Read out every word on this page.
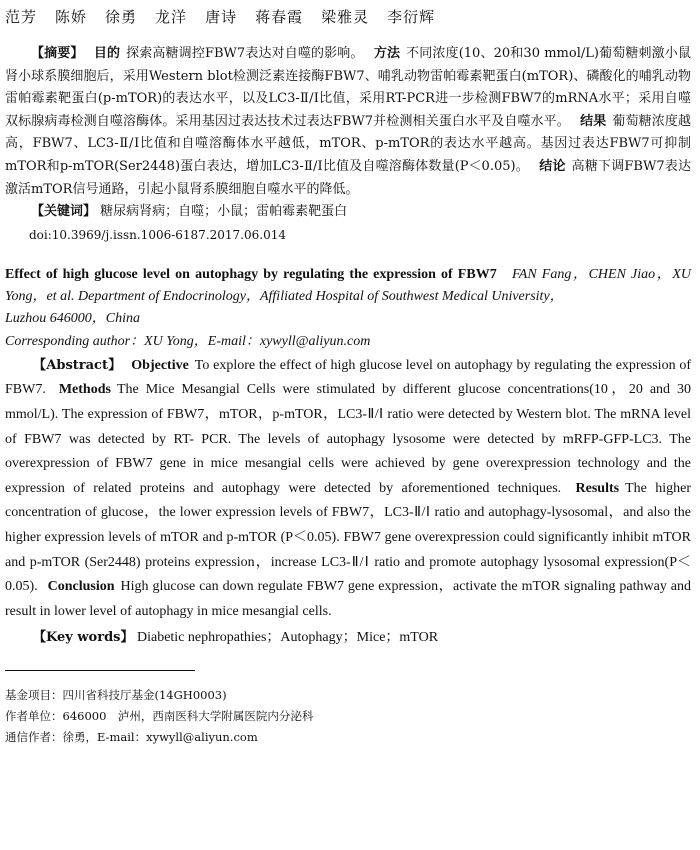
范芳 陈娇 徐勇 龙洋 唐诗 蒋春霞 梁雅灵 李衍辉

【摘要】 目的 探索高糖调控FBW7表达对自噬的影响。 方法 不同浓度(10、20和30 mmol/L)葡萄糖刺激小鼠肾小球系膜细胞后，采用Western blot检测泛素连接酶FBW7、哺乳动物雷帕霉素靶蛋白(mTOR)、磷酸化的哺乳动物雷帕霉素靶蛋白(p-mTOR)的表达水平，以及LC3-Ⅱ/Ⅰ比值，采用RT-PCR进一步检测FBW7的mRNA水平；采用自噬双标腺病毒检测自噬溶酶体。采用基因过表达技术过表达FBW7并检测相关蛋白水平及自噬水平。 结果 葡萄糖浓度越高，FBW7、LC3-Ⅱ/Ⅰ比值和自噬溶酶体水平越低，mTOR、p-mTOR的表达水平越高。基因过表达FBW7可抑制mTOR和p-mTOR(Ser2448)蛋白表达，增加LC3-Ⅱ/Ⅰ比值及自噬溶酶体数量(P＜0.05)。 结论 高糖下调FBW7表达激活mTOR信号通路，引起小鼠肾系膜细胞自噬水平的降低。

【关键词】 糖尿病肾病；自噬；小鼠；雷帕霉素靶蛋白

doi:10.3969/j.issn.1006-6187.2017.06.014

Effect of high glucose level on autophagy by regulating the expression of FBW7 FAN Fang，CHEN Jiao，XU Yong，et al. Department of Endocrinology，Affiliated Hospital of Southwest Medical University，

Luzhou 646000，China

Corresponding author：XU Yong，E-mail：xywyll@aliyun.com

【Abstract】 Objective To explore the effect of high glucose level on autophagy by regulating the expression of FBW7. Methods The Mice Mesangial Cells were stimulated by different glucose concentrations(10，20 and 30 mmol/L). The expression of FBW7，mTOR，p-mTOR，LC3-Ⅱ/Ⅰ ratio were detected by Western blot. The mRNA level of FBW7 was detected by RT- PCR. The levels of autophagy lysosome were detected by mRFP-GFP-LC3. The overexpression of FBW7 gene in mice mesangial cells were achieved by gene overexpression technology and the expression of related proteins and autophagy were detected by aforementioned techniques. Results The higher concentration of glucose，the lower expression levels of FBW7，LC3-Ⅱ/Ⅰ ratio and autophagy-lysosomal，and also the higher expression levels of mTOR and p-mTOR (P＜0.05). FBW7 gene overexpression could significantly inhibit mTOR and p-mTOR (Ser2448) proteins expression，increase LC3-Ⅱ/Ⅰ ratio and promote autophagy lysosomal expression(P＜0.05). Conclusion High glucose can down regulate FBW7 gene expression，activate the mTOR signaling pathway and result in lower level of autophagy in mice mesangial cells.

【Key words】 Diabetic nephropathies；Autophagy；Mice；mTOR

基金项目：四川省科技厅基金(14GH0003)

作者单位：646000　泸州，西南医科大学附属医院内分泌科

通信作者：徐勇，E-mail：xywyll@aliyun.com
